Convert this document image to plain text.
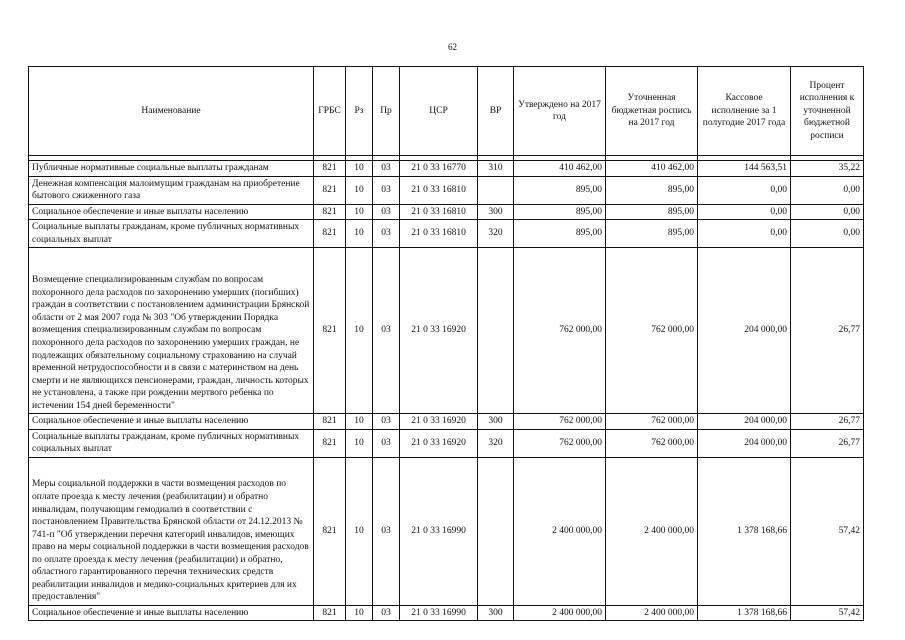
62
Наименование	ГРБС	Рз	Пр	ЦСР	ВР	Утверждено на 2017 год	Уточненная бюджетная роспись на 2017 год	Кассовое исполнение за 1 полугодие 2017 года	Процент исполнения к уточненной бюджетной росписи

Публичные нормативные социальные выплаты гражданам	821	10	03	21 0 33 16770	310	410 462,00	410 462,00	144 563,51	35,22
Денежная компенсация малоимущим гражданам на приобретение бытового сжиженного газа	821	10	03	21 0 33 16810		895,00	895,00	0,00	0,00
Социальное обеспечение и иные выплаты населению	821	10	03	21 0 33 16810	300	895,00	895,00	0,00	0,00
Социальные выплаты гражданам, кроме публичных нормативных социальных выплат	821	10	03	21 0 33 16810	320	895,00	895,00	0,00	0,00
Возмещение специализированным службам по вопросам похоронного дела расходов по захоронению умерших (погибших) граждан в соответствии с постановлением администрации Брянской области от 2 мая 2007 года № 303 "Об утверждении Порядка возмещения специализированным службам по вопросам похоронного дела расходов по захоронению умерших граждан, не подлежащих обязательному социальному страхованию на случай временной нетрудоспособности и в связи с материнством на день смерти и не являющихся пенсионерами, граждан, личность которых не установлена, а также при рождении мертвого ребенка по истечении 154 дней беременности"	821	10	03	21 0 33 16920		762 000,00	762 000,00	204 000,00	26,77
Социальное обеспечение и иные выплаты населению	821	10	03	21 0 33 16920	300	762 000,00	762 000,00	204 000,00	26,77
Социальные выплаты гражданам, кроме публичных нормативных социальных выплат	821	10	03	21 0 33 16920	320	762 000,00	762 000,00	204 000,00	26,77
Меры социальной поддержки в части возмещения расходов по оплате проезда к месту лечения (реабилитации) и обратно инвалидам, получающим гемодиализ в соответствии с постановлением Правительства Брянской области от 24.12.2013 № 741-п "Об утверждении перечня категорий инвалидов, имеющих право на меры социальной поддержки в части возмещения расходов по оплате проезда к месту лечения (реабилитации) и обратно, областного гарантированного перечня технических средств реабилитации инвалидов и медико-социальных критериев для их предоставления"	821	10	03	21 0 33 16990		2 400 000,00	2 400 000,00	1 378 168,66	57,42
Социальное обеспечение и иные выплаты населению	821	10	03	21 0 33 16990	300	2 400 000,00	2 400 000,00	1 378 168,66	57,42
